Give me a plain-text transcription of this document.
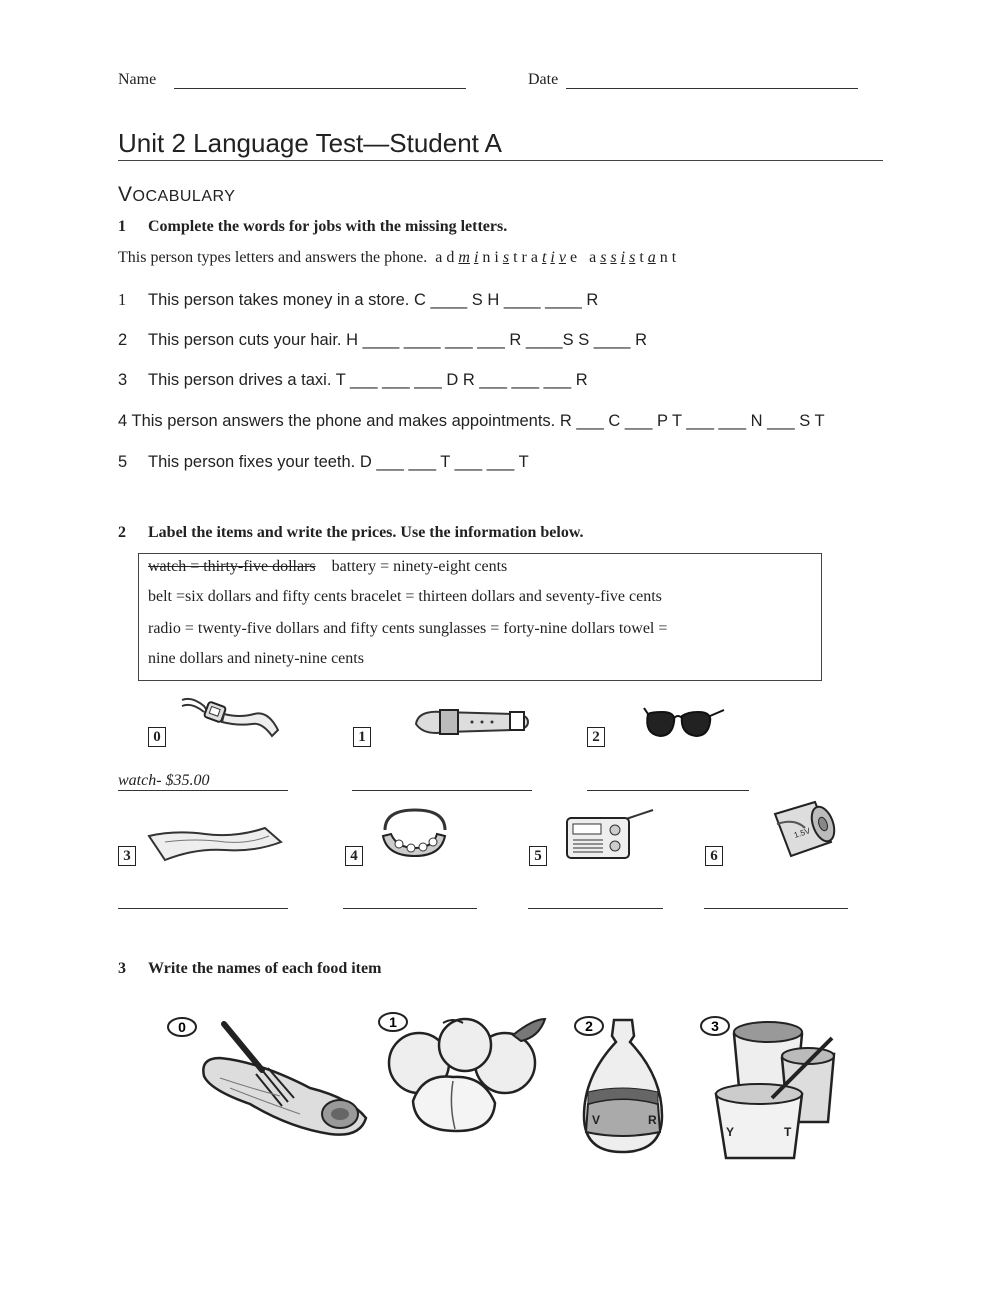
Name	Date
Unit 2 Language Test—Student A
VOCABULARY
1 Complete the words for jobs with the missing letters.
This person types letters and answers the phone. a d m i n i s t r a t i v e a s s i s t a n t
1 This person takes money in a store. C ____ S H ____ ____ R
2 This person cuts your hair. H ____ ____ ___ ___ R ____S S ____ R
3 This person drives a taxi. T ___ ___ ___ D R ___ ___ ___ R
4 This person answers the phone and makes appointments. R ___ C ___ P T ___ ___ N ___ S T
5 This person fixes your teeth. D ___ ___ T ___ ___ T
2 Label the items and write the prices. Use the information below.
watch = thirty-five dollars battery = ninety-eight cents
belt =six dollars and fifty cents bracelet = thirteen dollars and seventy-five cents
radio = twenty-five dollars and fifty cents sunglasses = forty-nine dollars towel =
nine dollars and ninety-nine cents
0	1	2
watch- $35.00
3	4	5	6
1.5V
3 Write the names of each food item
0	1	2	3
V	R
Y	T
